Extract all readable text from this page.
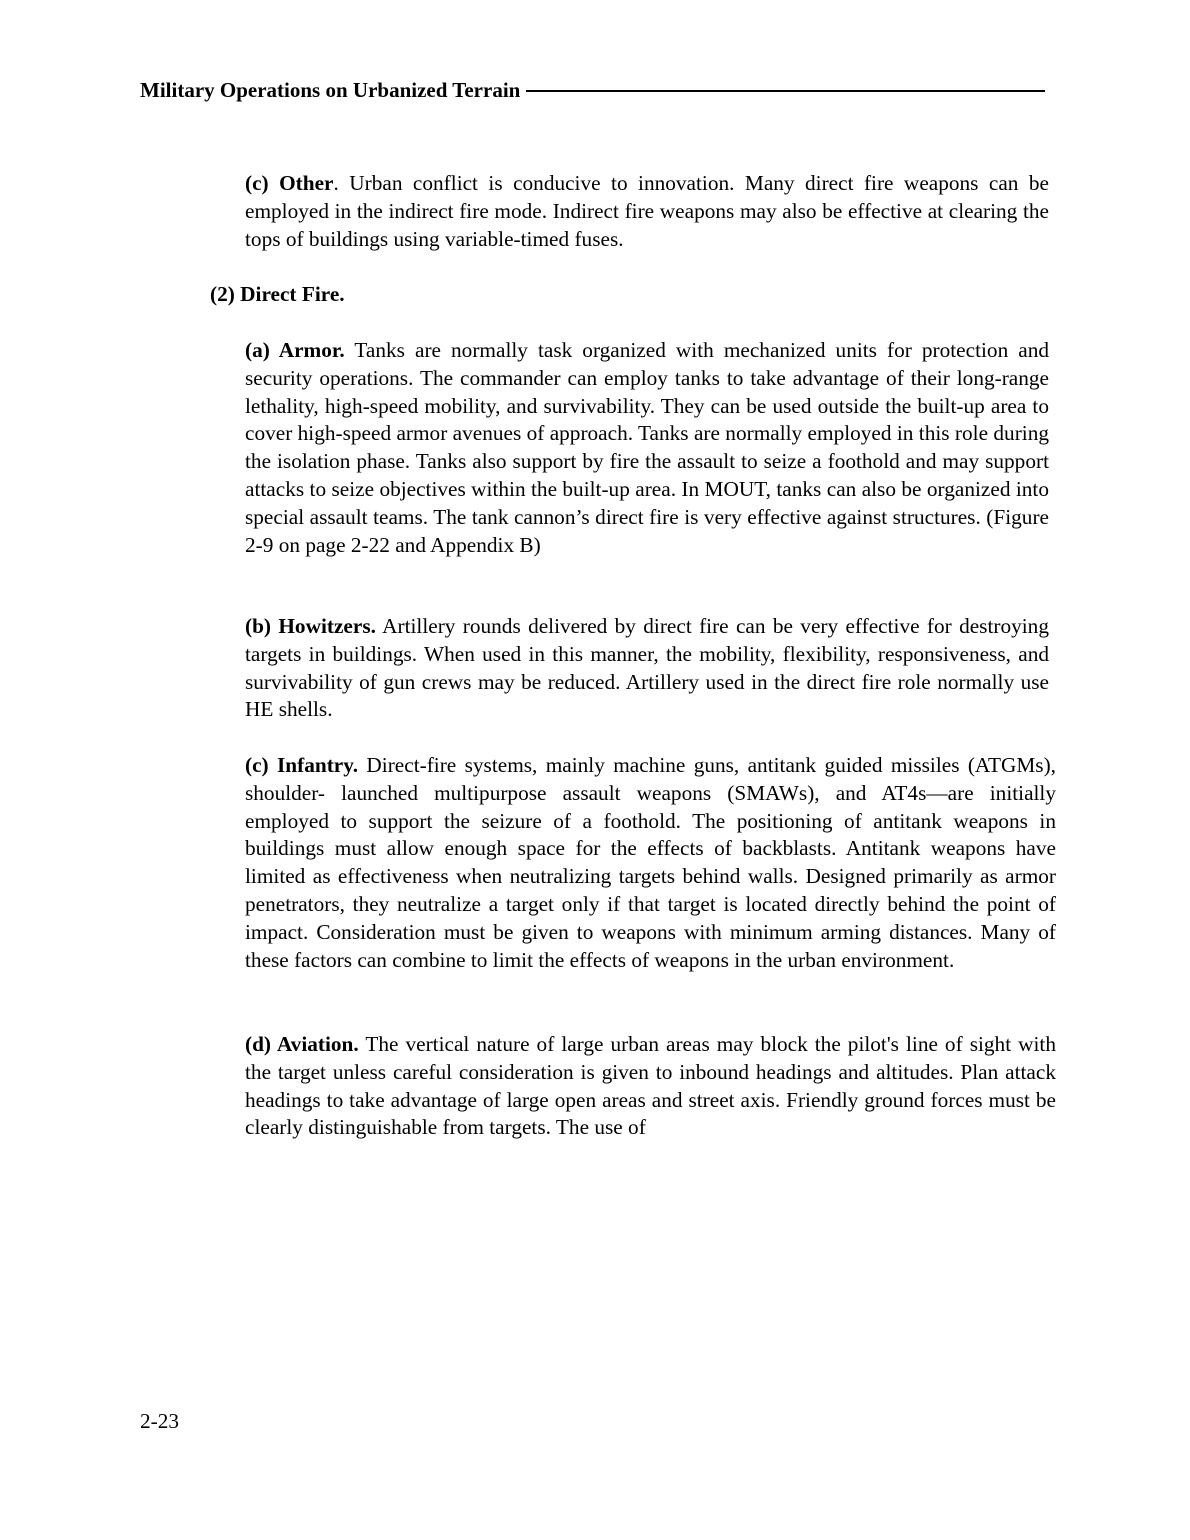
Military Operations on Urbanized Terrain

(c) Other. Urban conflict is conducive to innovation. Many direct fire weapons can be employed in the indirect fire mode. Indirect fire weapons may also be effective at clearing the tops of buildings using variable-timed fuses.

(2) Direct Fire.

(a) Armor. Tanks are normally task organized with mechanized units for protection and security operations. The commander can employ tanks to take advantage of their long-range lethality, high-speed mobility, and survivability. They can be used outside the built-up area to cover high-speed armor avenues of approach. Tanks are normally employed in this role during the isolation phase. Tanks also support by fire the assault to seize a foothold and may support attacks to seize objectives within the built-up area. In MOUT, tanks can also be organized into special assault teams. The tank cannon’s direct fire is very effective against structures. (Figure 2-9 on page 2-22 and Appendix B)

(b) Howitzers. Artillery rounds delivered by direct fire can be very effective for destroying targets in buildings. When used in this manner, the mobility, flexibility, responsiveness, and survivability of gun crews may be reduced. Artillery used in the direct fire role normally use HE shells.

(c) Infantry. Direct-fire systems, mainly machine guns, antitank guided missiles (ATGMs), shoulder- launched multipurpose assault weapons (SMAWs), and AT4s—are initially employed to support the seizure of a foothold. The positioning of antitank weapons in buildings must allow enough space for the effects of backblasts. Antitank weapons have limited as effectiveness when neutralizing targets behind walls. Designed primarily as armor penetrators, they neutralize a target only if that target is located directly behind the point of impact. Consideration must be given to weapons with minimum arming distances. Many of these factors can combine to limit the effects of weapons in the urban environment.

(d) Aviation. The vertical nature of large urban areas may block the pilot's line of sight with the target unless careful consideration is given to inbound headings and altitudes. Plan attack headings to take advantage of large open areas and street axis. Friendly ground forces must be clearly distinguishable from targets. The use of

2-23
